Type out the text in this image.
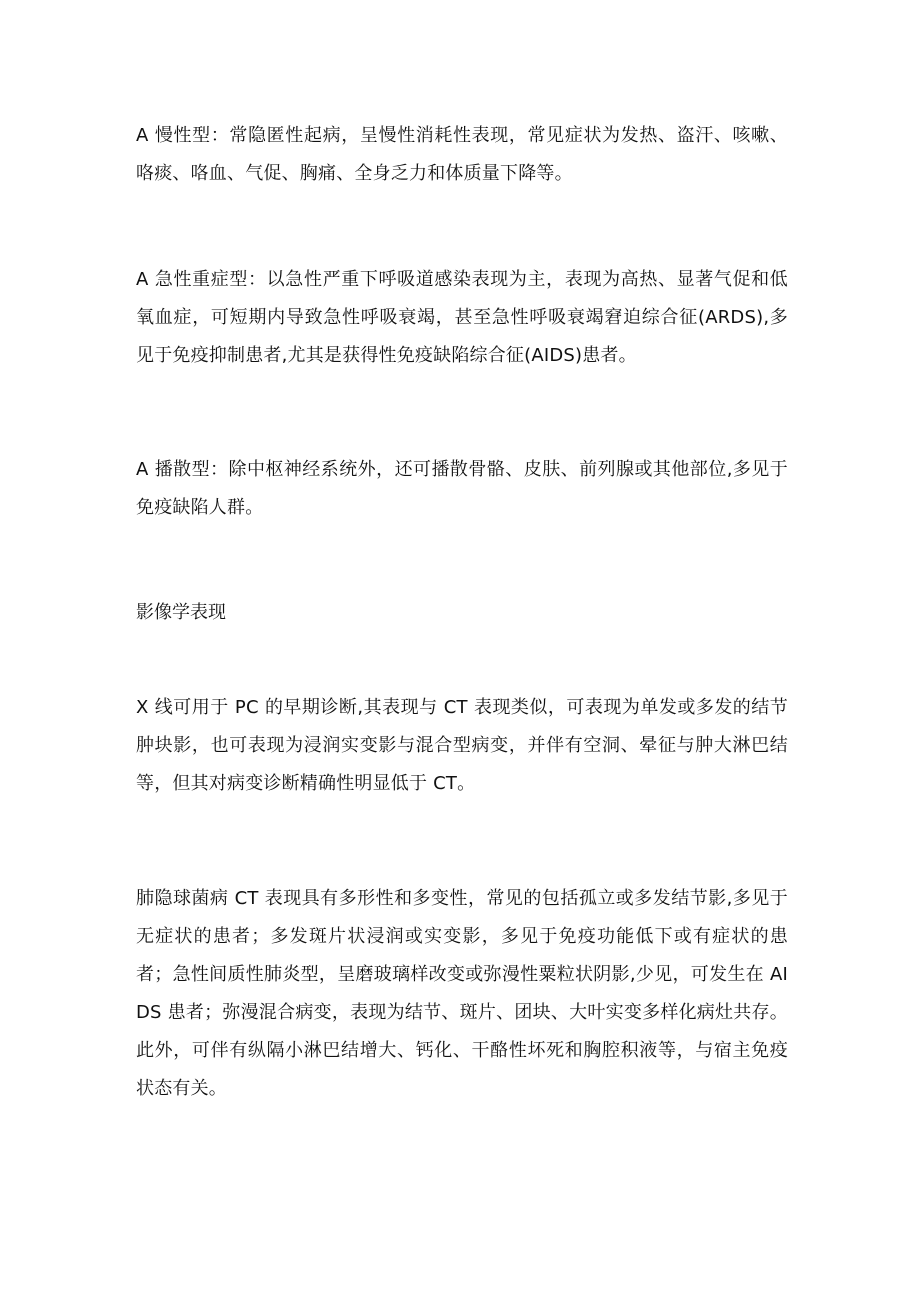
A 慢性型：常隐匿性起病，呈慢性消耗性表现，常见症状为发热、盗汗、咳嗽、咯痰、咯血、气促、胸痛、全身乏力和体质量下降等。

A 急性重症型：以急性严重下呼吸道感染表现为主，表现为高热、显著气促和低氧血症，可短期内导致急性呼吸衰竭，甚至急性呼吸衰竭窘迫综合征(ARDS),多见于免疫抑制患者,尤其是获得性免疫缺陷综合征(AIDS)患者。

A 播散型：除中枢神经系统外，还可播散骨骼、皮肤、前列腺或其他部位,多见于免疫缺陷人群。

影像学表现

X 线可用于 PC 的早期诊断,其表现与 CT 表现类似，可表现为单发或多发的结节肿块影，也可表现为浸润实变影与混合型病变，并伴有空洞、晕征与肿大淋巴结等，但其对病变诊断精确性明显低于 CT。

肺隐球菌病 CT 表现具有多形性和多变性，常见的包括孤立或多发结节影,多见于无症状的患者；多发斑片状浸润或实变影，多见于免疫功能低下或有症状的患者；急性间质性肺炎型，呈磨玻璃样改变或弥漫性粟粒状阴影,少见，可发生在 AIDS 患者；弥漫混合病变，表现为结节、斑片、团块、大叶实变多样化病灶共存。此外，可伴有纵隔小淋巴结增大、钙化、干酪性坏死和胸腔积液等，与宿主免疫状态有关。
